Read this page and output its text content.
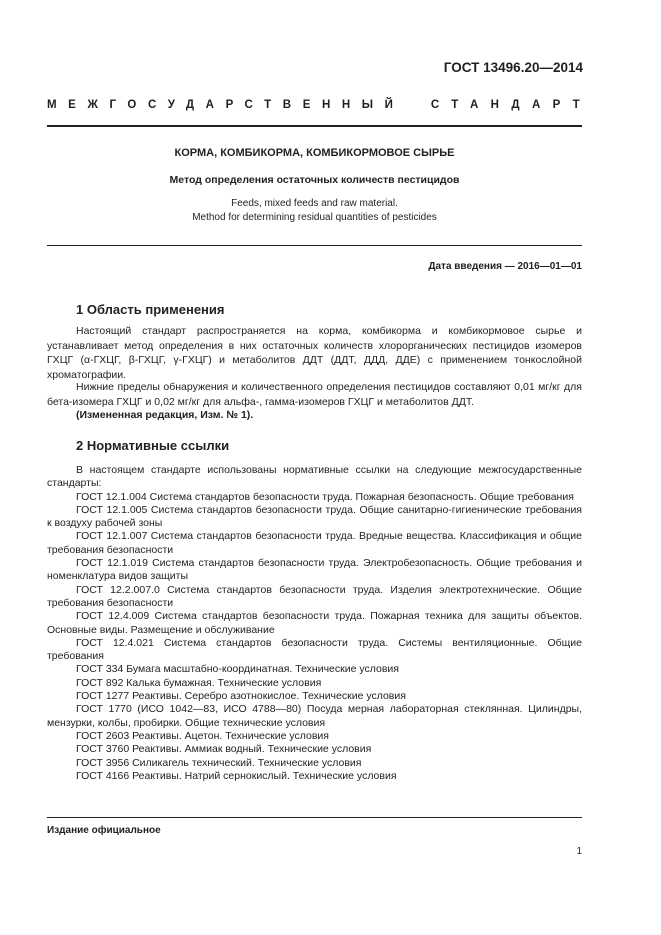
ГОСТ 13496.20—2014
МЕЖГОСУДАРСТВЕННЫЙ СТАНДАРТ
КОРМА, КОМБИКОРМА, КОМБИКОРМОВОЕ СЫРЬЕ
Метод определения остаточных количеств пестицидов
Feeds, mixed feeds and raw material.
Method for determining residual quantities of pesticides
Дата введения — 2016—01—01
1 Область применения

Настоящий стандарт распространяется на корма, комбикорма и комбикормовое сырье и устанавливает метод определения в них остаточных количеств хлорорганических пестицидов изомеров ГХЦГ (α-ГХЦГ, β-ГХЦГ, γ-ГХЦГ) и метаболитов ДДТ (ДДТ, ДДД, ДДЕ) с применением тонкослойной хроматографии.

Нижние пределы обнаружения и количественного определения пестицидов составляют 0,01 мг/кг для бета-изомера ГХЦГ и 0,02 мг/кг для альфа-, гамма-изомеров ГХЦГ и метаболитов ДДТ.

(Измененная редакция, Изм. № 1).

2 Нормативные ссылки

В настоящем стандарте использованы нормативные ссылки на следующие межгосударственные стандарты:

ГОСТ 12.1.004 Система стандартов безопасности труда. Пожарная безопасность. Общие требования

ГОСТ 12.1.005 Система стандартов безопасности труда. Общие санитарно-гигиенические требования к воздуху рабочей зоны

ГОСТ 12.1.007 Система стандартов безопасности труда. Вредные вещества. Классификация и общие требования безопасности

ГОСТ 12.1.019 Система стандартов безопасности труда. Электробезопасность. Общие требования и номенклатура видов защиты

ГОСТ 12.2.007.0 Система стандартов безопасности труда. Изделия электротехнические. Общие требования безопасности

ГОСТ 12.4.009 Система стандартов безопасности труда. Пожарная техника для защиты объектов. Основные виды. Размещение и обслуживание

ГОСТ 12.4.021 Система стандартов безопасности труда. Системы вентиляционные. Общие требования

ГОСТ 334 Бумага масштабно-координатная. Технические условия

ГОСТ 892 Калька бумажная. Технические условия

ГОСТ 1277 Реактивы. Серебро азотнокислое. Технические условия

ГОСТ 1770 (ИСО 1042—83, ИСО 4788—80) Посуда мерная лабораторная стеклянная. Цилиндры, мензурки, колбы, пробирки. Общие технические условия

ГОСТ 2603 Реактивы. Ацетон. Технические условия

ГОСТ 3760 Реактивы. Аммиак водный. Технические условия

ГОСТ 3956 Силикагель технический. Технические условия

ГОСТ 4166 Реактивы. Натрий сернокислый. Технические условия

Издание официальное
1
